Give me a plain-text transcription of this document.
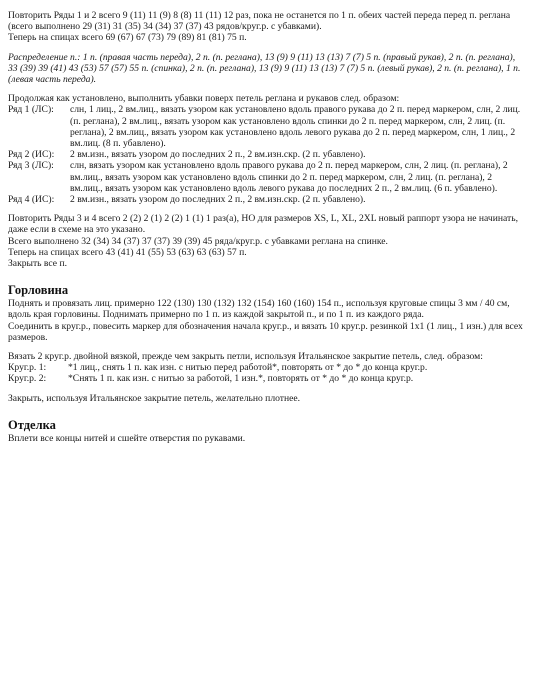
Повторить Ряды 1 и 2 всего 9 (11) 11 (9) 8 (8) 11 (11) 12 раз, пока не останется по 1 п. обеих частей переда перед п. реглана (всего выполнено 29 (31) 31 (35) 34 (34) 37 (37) 43 рядов/круг.р. с убавками).

Теперь на спицах всего 69 (67) 67 (73) 79 (89) 81 (81) 75 п.

Распределение п.: 1 п. (правая часть переда), 2 п. (п. реглана), 13 (9) 9 (11) 13 (13) 7 (7) 5 п. (правый рукав), 2 п. (п. реглана), 33 (39) 39 (41) 43 (53) 57 (57) 55 п. (спинка), 2 п. (п. реглана), 13 (9) 9 (11) 13 (13) 7 (7) 5 п. (левый рукав), 2 п. (п. реглана), 1 п. (левая часть переда).

Продолжая как установлено, выполнить убавки поверх петель реглана и рукавов след. образом:

Ряд 1 (ЛС):	слн, 1 лиц., 2 вм.лиц., вязать узором как установлено вдоль правого рукава до 2 п. перед маркером, слн, 2 лиц. (п. реглана), 2 вм.лиц., вязать узором как установлено вдоль спинки до 2 п. перед маркером, слн, 2 лиц. (п. реглана), 2 вм.лиц., вязать узором как установлено вдоль левого рукава до 2 п. перед маркером, слн, 1 лиц., 2 вм.лиц. (8 п. убавлено).
Ряд 2 (ИС):	2 вм.изн., вязать узором до последних 2 п., 2 вм.изн.скр. (2 п. убавлено).
Ряд 3 (ЛС):	слн, вязать узором как установлено вдоль правого рукава до 2 п. перед маркером, слн, 2 лиц. (п. реглана), 2 вм.лиц., вязать узором как установлено вдоль спинки до 2 п. перед маркером, слн, 2 лиц. (п. реглана), 2 вм.лиц., вязать узором как установлено вдоль левого рукава до последних 2 п., 2 вм.лиц. (6 п. убавлено).
Ряд 4 (ИС):	2 вм.изн., вязать узором до последних 2 п., 2 вм.изн.скр. (2 п. убавлено).

Повторить Ряды 3 и 4 всего 2 (2) 2 (1) 2 (2) 1 (1) 1 раз(а), НО для размеров XS, L, XL, 2XL новый раппорт узора не начинать, даже если в схеме на это указано.

Всего выполнено 32 (34) 34 (37) 37 (37) 39 (39) 45 ряда/круг.р. с убавками реглана на спинке.

Теперь на спицах всего 43 (41) 41 (55) 53 (63) 63 (63) 57 п.

Закрыть все п.

Горловина

Поднять и провязать лиц. примерно 122 (130) 130 (132) 132 (154) 160 (160) 154 п., используя круговые спицы 3 мм / 40 см, вдоль края горловины. Поднимать примерно по 1 п. из каждой закрытой п., и по 1 п. из каждого ряда.

Соединить в круг.р., повесить маркер для обозначения начала круг.р., и вязать 10 круг.р. резинкой 1x1 (1 лиц., 1 изн.) для всех размеров.

Вязать 2 круг.р. двойной вязкой, прежде чем закрыть петли, используя Итальянское закрытие петель, след. образом:

Круг.р. 1:	*1 лиц., снять 1 п. как изн. с нитью перед работой*, повторять от * до * до конца круг.р.
Круг.р. 2:	*Снять 1 п. как изн. с нитью за работой, 1 изн.*, повторять от * до * до конца круг.р.

Закрыть, используя Итальянское закрытие петель, желательно плотнее.

Отделка

Вплети все концы нитей и сшейте отверстия по рукавами.
